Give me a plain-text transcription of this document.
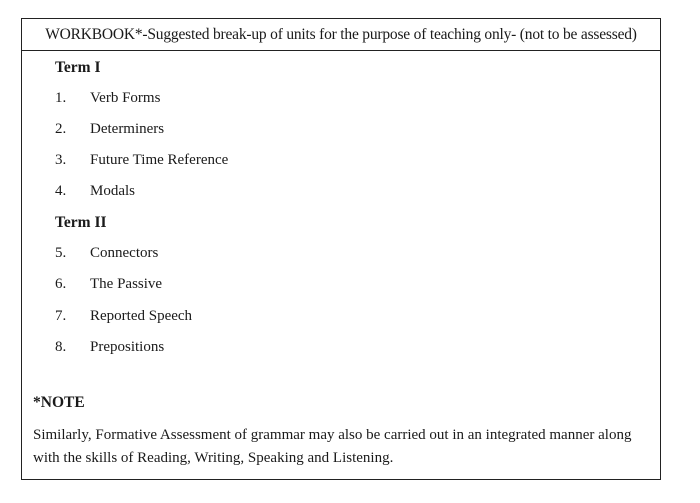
WORKBOOK*-Suggested break-up of units for the purpose of teaching only- (not to be assessed)
Term I
1.	Verb Forms
2.	Determiners
3.	Future Time Reference
4.	Modals
Term II
5.	Connectors
6.	The Passive
7.	Reported Speech
8.	Prepositions
*NOTE
Similarly, Formative Assessment of grammar may also be carried out in an integrated manner along with the skills of Reading, Writing, Speaking and Listening.
